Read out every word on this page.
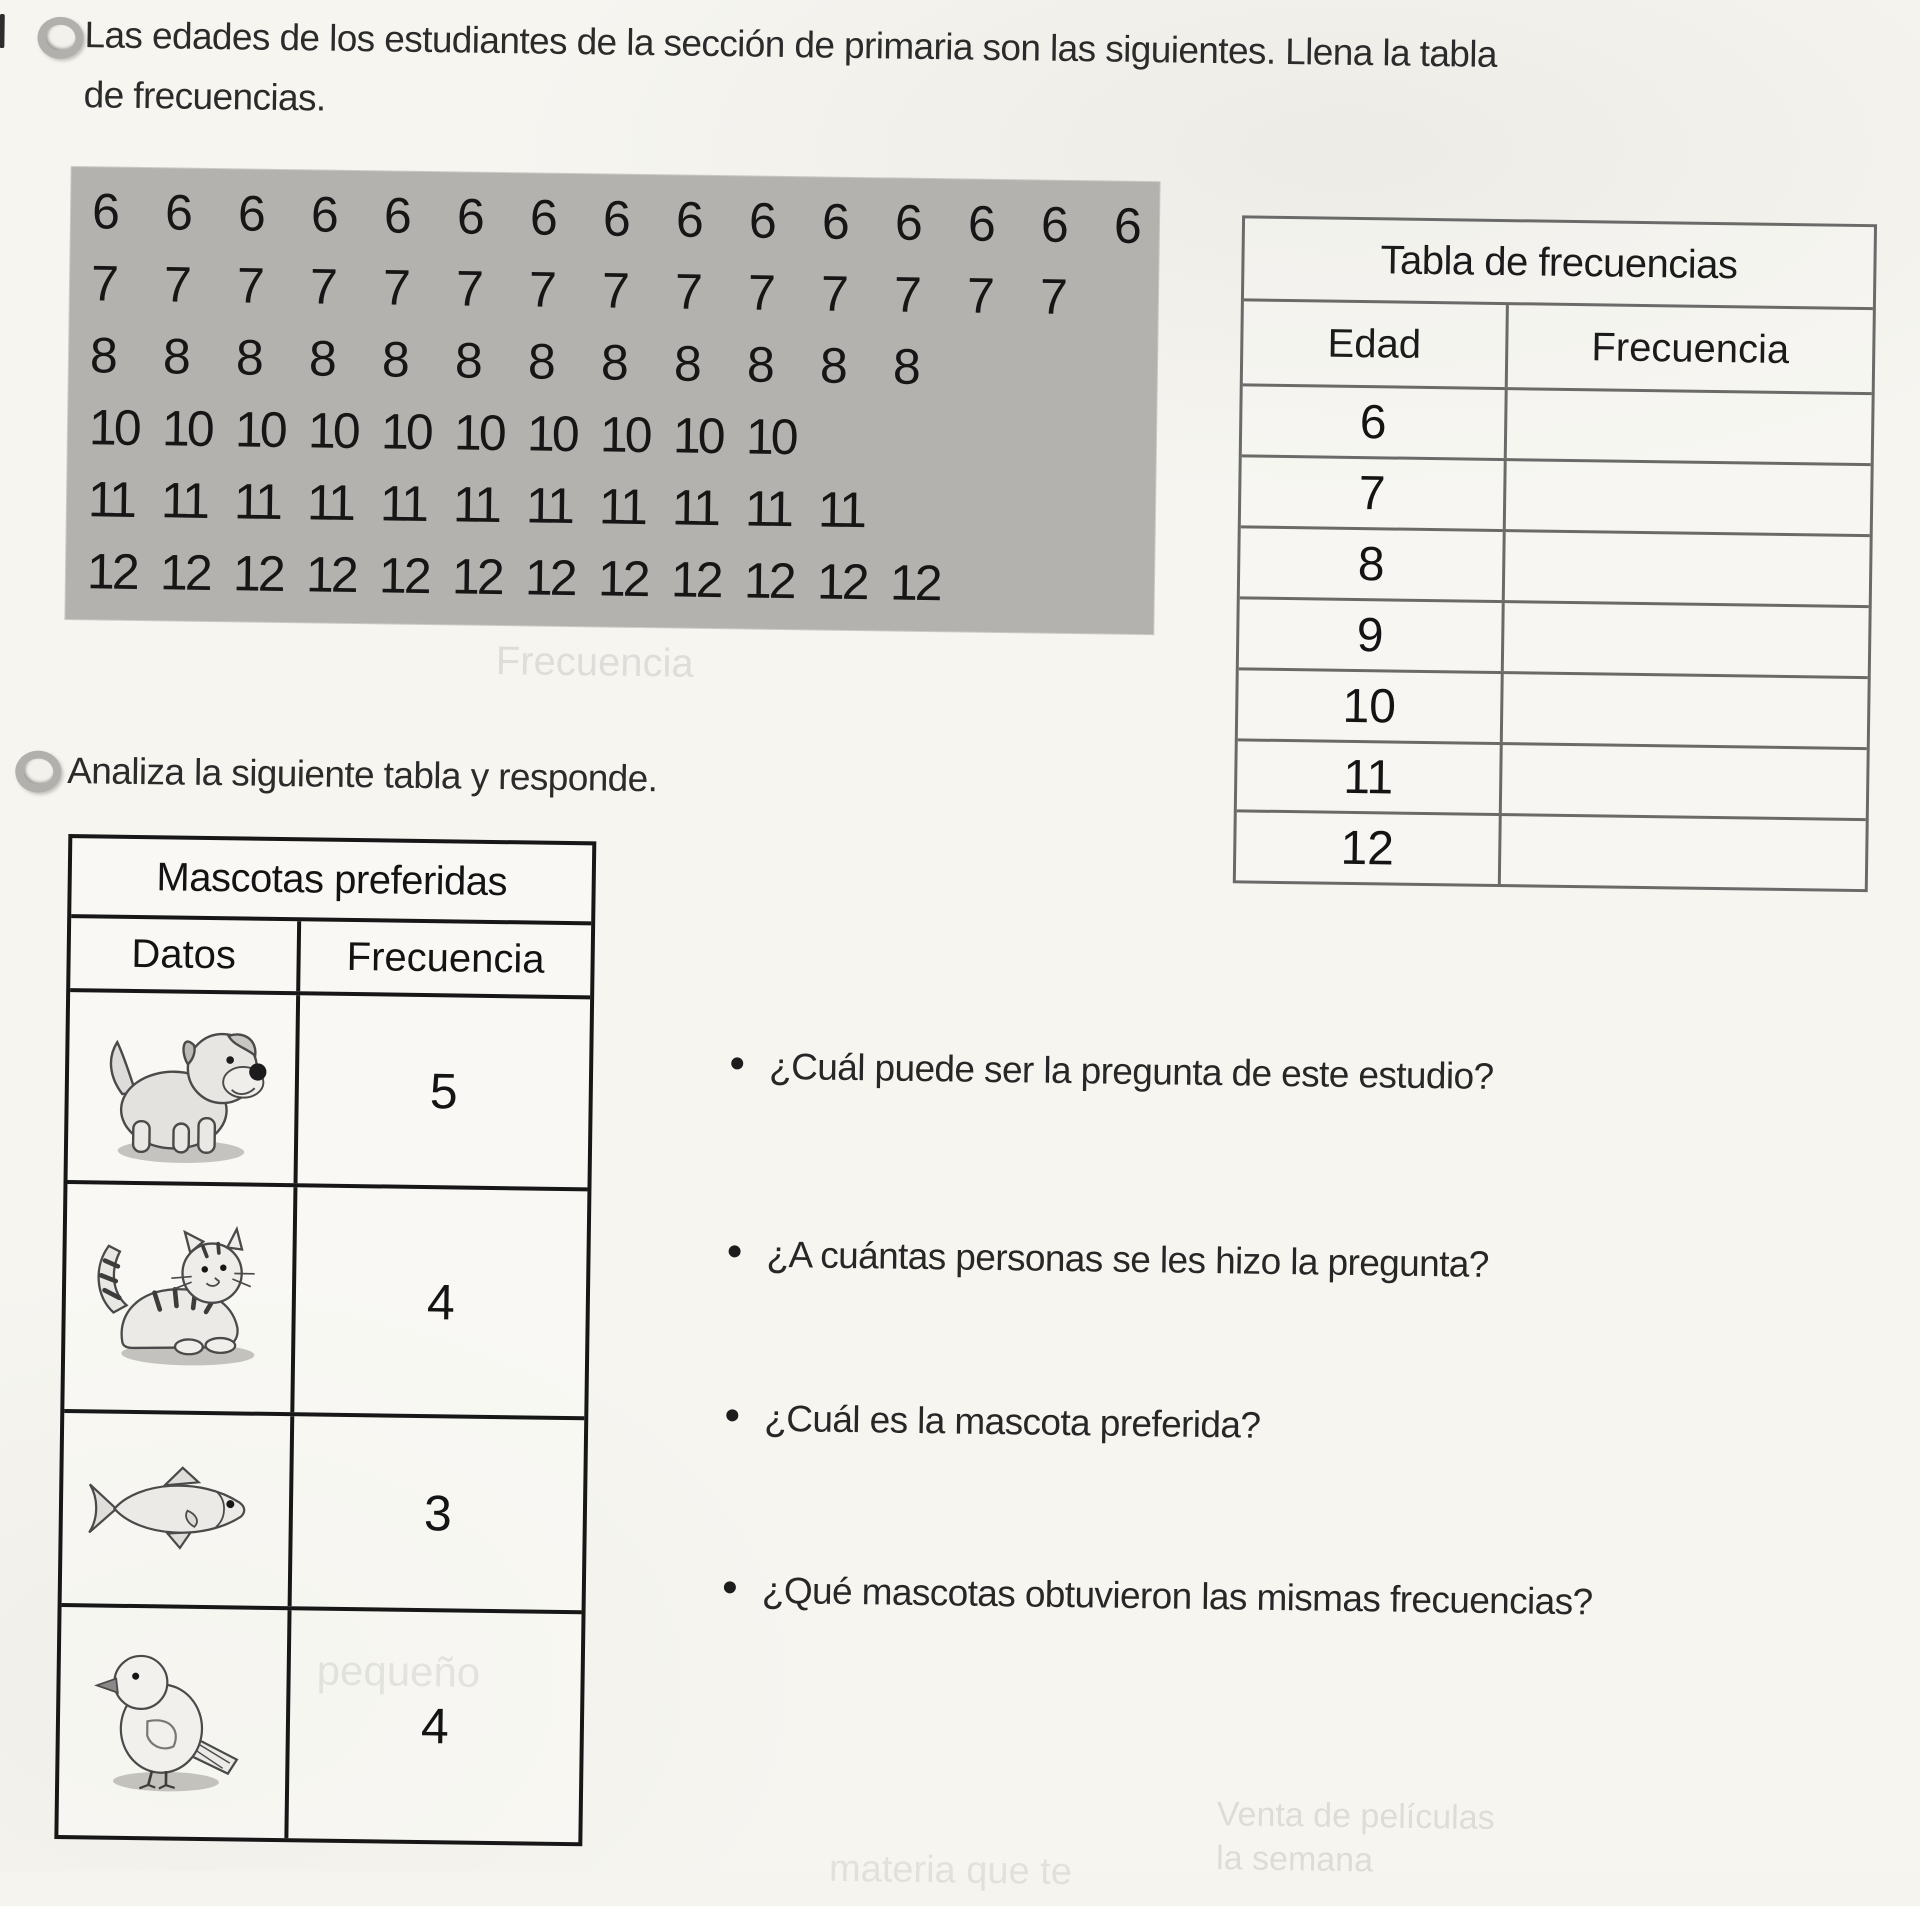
Las edades de los estudiantes de la sección de primaria son las siguientes. Llena la tabla
de frecuencias.
6 6 6 6 6 6 6 6 6 6 6 6 6 6 6
7 7 7 7 7 7 7 7 7 7 7 7 7 7
8 8 8 8 8 8 8 8 8 8 8 8
10 10 10 10 10 10 10 10 10 10
11 11 11 11 11 11 11 11 11 11 11
12 12 12 12 12 12 12 12 12 12 12 12
Tabla de frecuencias
Edad	Frecuencia
6
7
8
9
10
11
12
Analiza la siguiente tabla y responde.
Mascotas preferidas
Datos	Frecuencia
5
4
3
4
¿Cuál puede ser la pregunta de este estudio?
¿A cuántas personas se les hizo la pregunta?
¿Cuál es la mascota preferida?
¿Qué mascotas obtuvieron las mismas frecuencias?
Frecuencia
Venta de películas
la semana
materia que te
